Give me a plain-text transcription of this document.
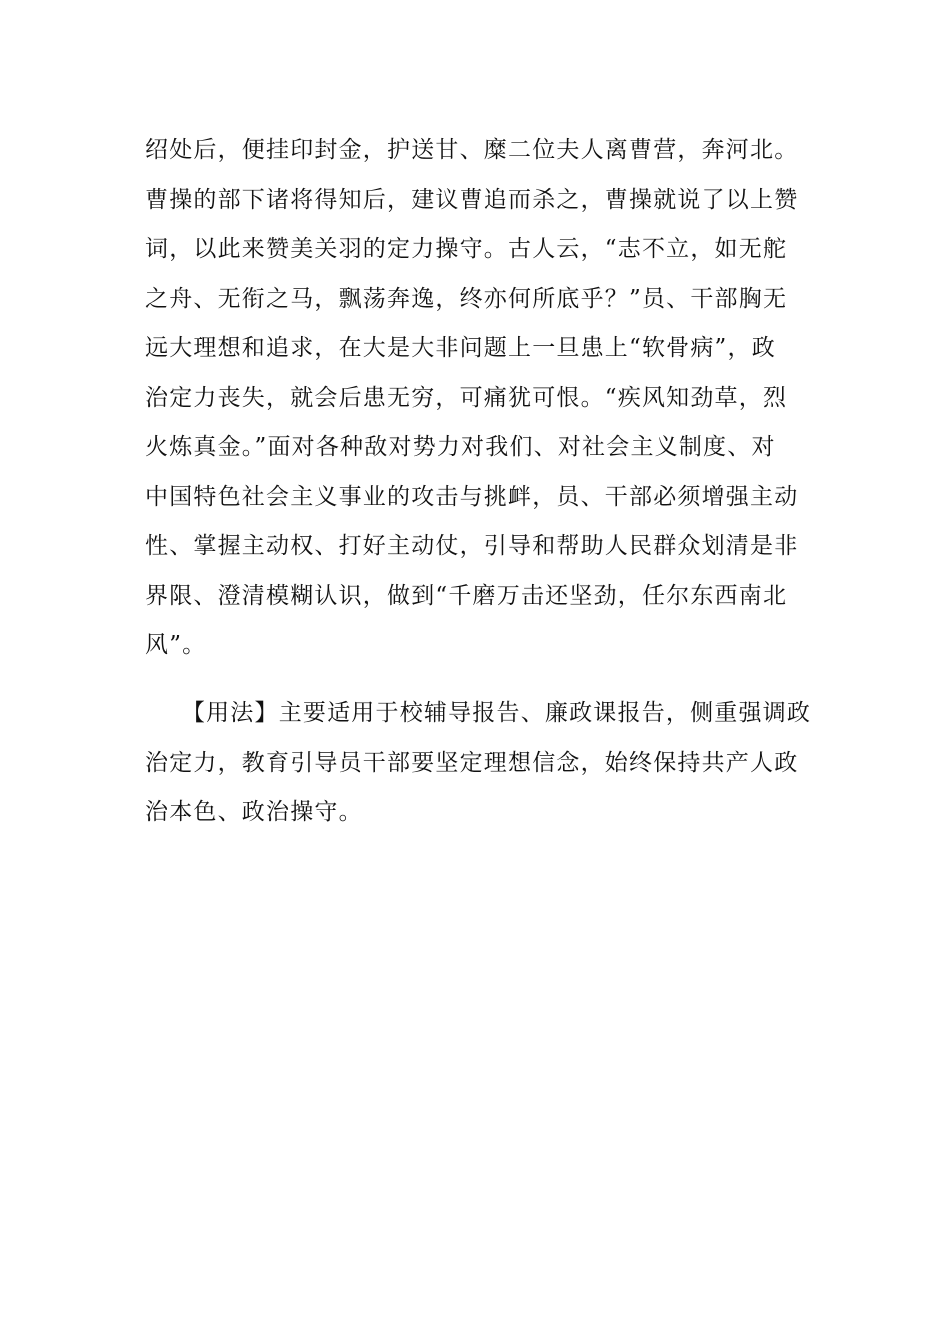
绍处后，便挂印封金，护送甘、糜二位夫人离曹营，奔河北。
曹操的部下诸将得知后，建议曹追而杀之，曹操就说了以上赞
词，以此来赞美关羽的定力操守。古人云，“志不立，如无舵
之舟、无衔之马，飘荡奔逸，终亦何所底乎？”员、干部胸无
远大理想和追求，在大是大非问题上一旦患上“软骨病”，政
治定力丧失，就会后患无穷，可痛犹可恨。“疾风知劲草，烈
火炼真金。”面对各种敌对势力对我们、对社会主义制度、对
中国特色社会主义事业的攻击与挑衅，员、干部必须增强主动
性、掌握主动权、打好主动仗，引导和帮助人民群众划清是非
界限、澄清模糊认识，做到“千磨万击还坚劲，任尔东西南北
风”。
　　【用法】主要适用于校辅导报告、廉政课报告，侧重强调政
治定力，教育引导员干部要坚定理想信念，始终保持共产人政
治本色、政治操守。
